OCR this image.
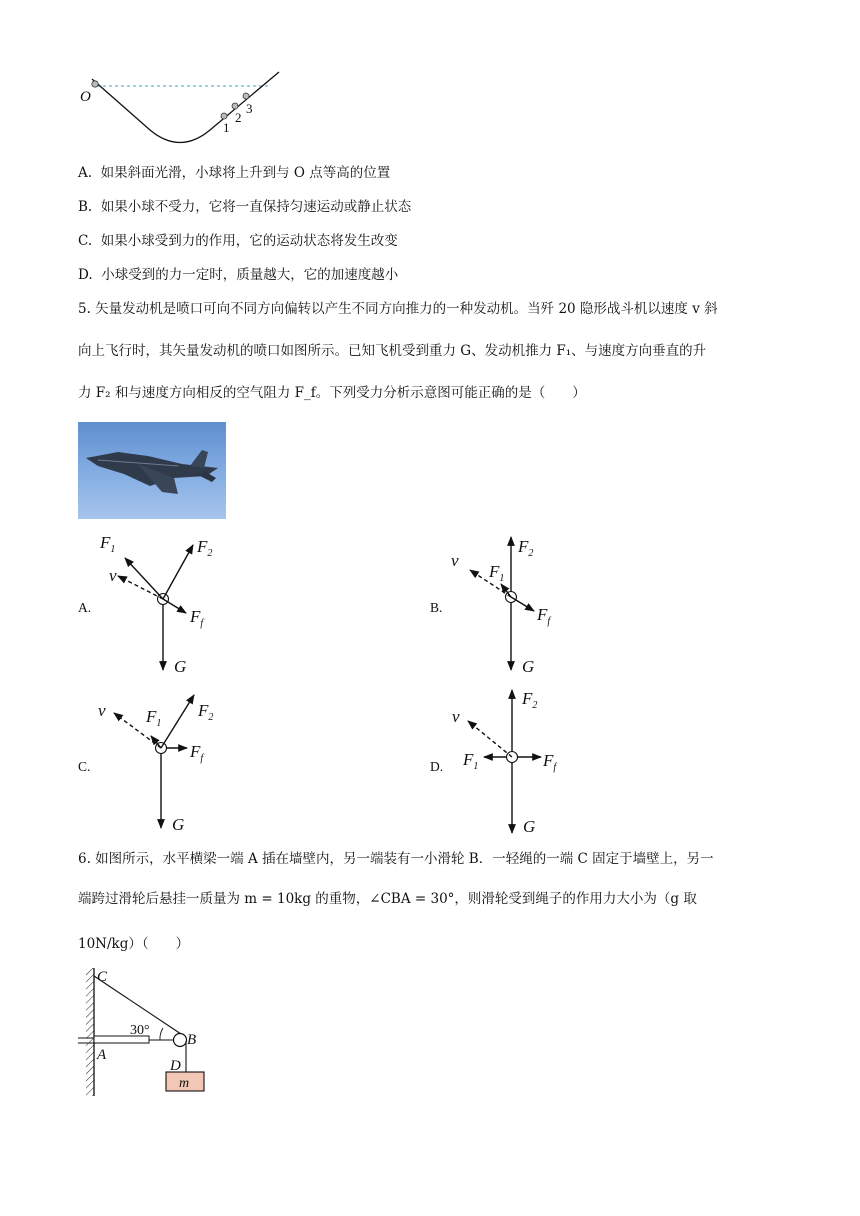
O
1
2
3
A. 如果斜面光滑，小球将上升到与 O 点等高的位置
B. 如果小球不受力，它将一直保持匀速运动或静止状态
C. 如果小球受到力的作用，它的运动状态将发生改变
D. 小球受到的力一定时，质量越大，它的加速度越小
5. 矢量发动机是喷口可向不同方向偏转以产生不同方向推力的一种发动机。当歼 20 隐形战斗机以速度 v 斜
向上飞行时，其矢量发动机的喷口如图所示。已知飞机受到重力 G、发动机推力 F₁、与速度方向垂直的升
力 F₂ 和与速度方向相反的空气阻力 F_f。下列受力分析示意图可能正确的是（　　）
A.
$F_1$	$F_2$
v
$F_f$
G
B.
v
$F_1$
$F_2$
$F_f$
G
C.
v $F_1$
$F_2$
$F_f$
G
D.
v
$F_1$
$F_2$
$F_f$
G
6. 如图所示，水平横梁一端 A 插在墙壁内，另一端装有一小滑轮 B．一轻绳的一端 C 固定于墙壁上，另一
端跨过滑轮后悬挂一质量为 m = 10kg 的重物，∠CBA = 30°，则滑轮受到绳子的作用力大小为（g 取
10N/kg）（　　）
C
A
B
D
30°
m
